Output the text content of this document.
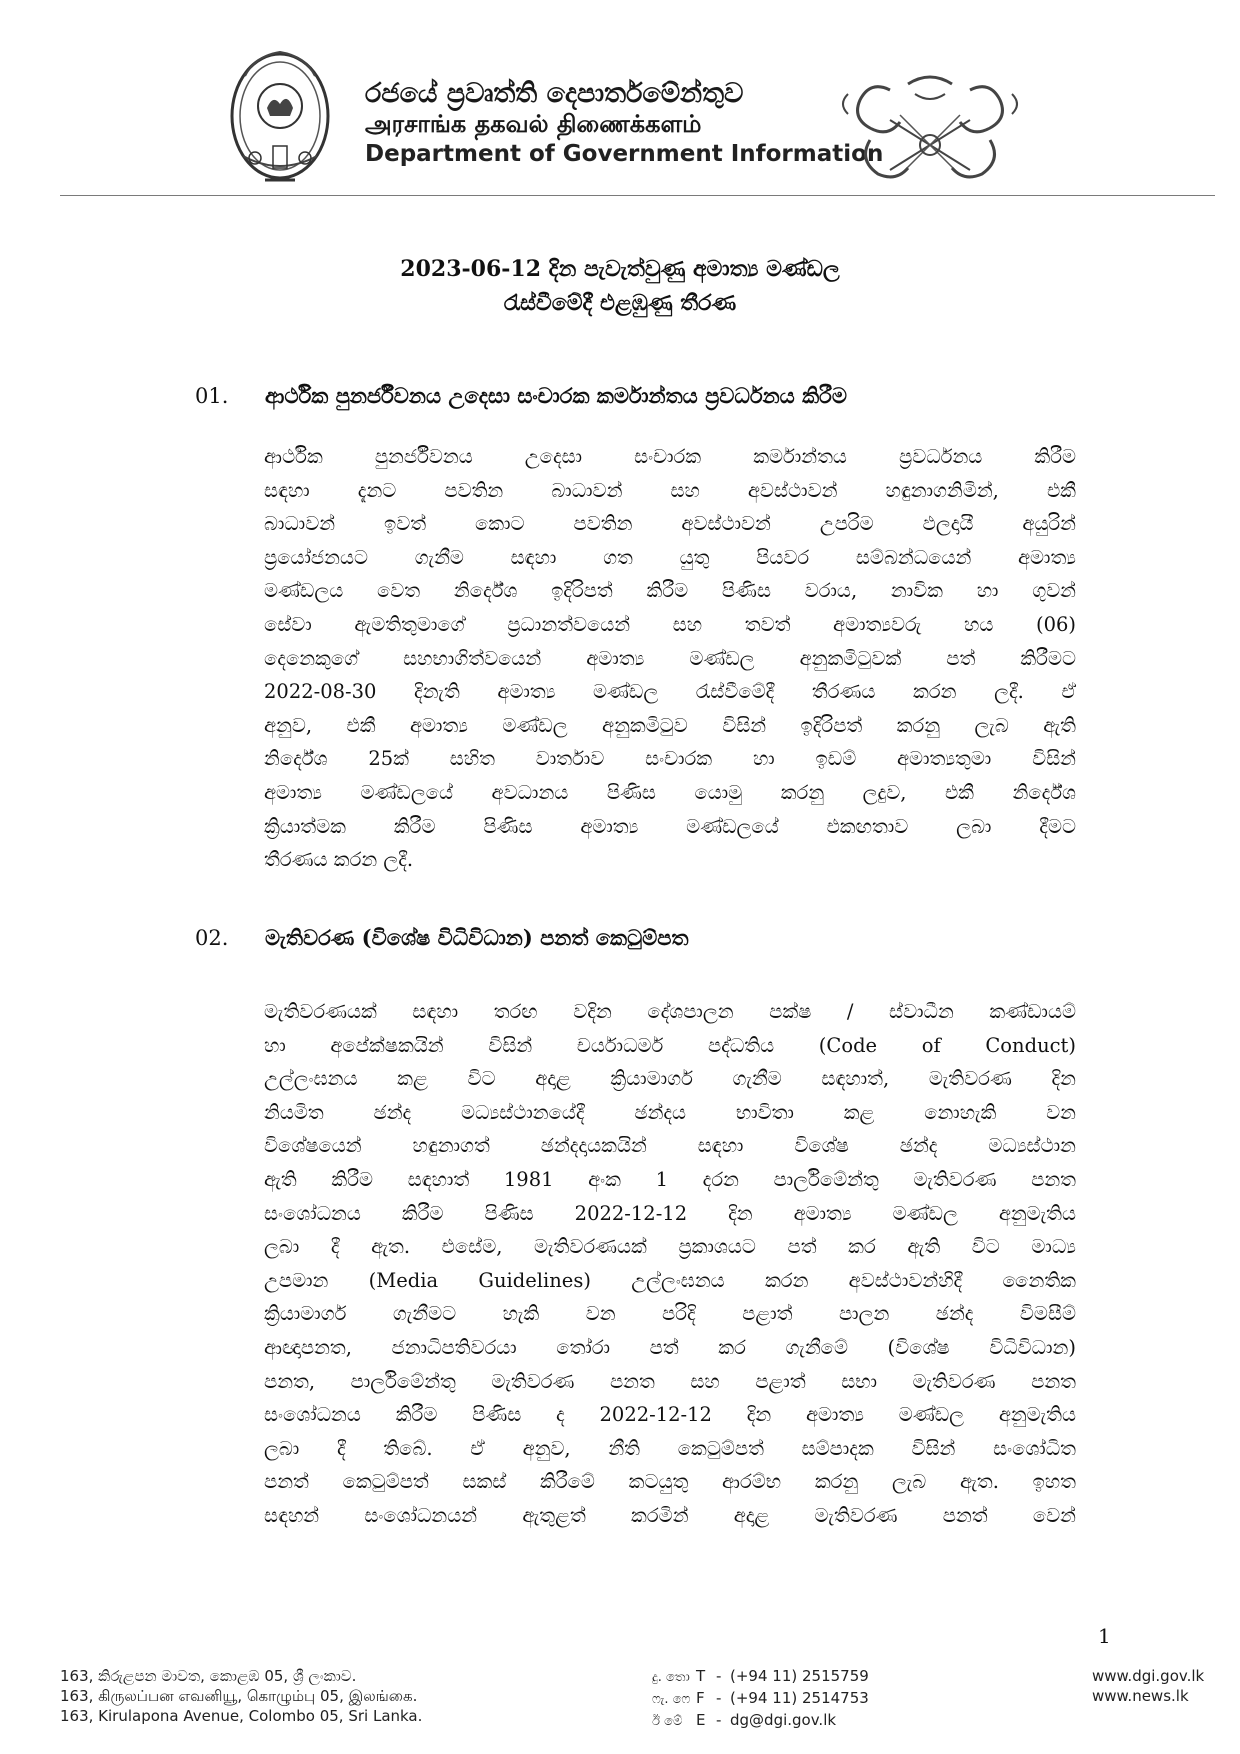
රජයේ ප්‍රවෘත්ති දෙපාර්තමේන්තුව
அரசாங்க தகவல் திணைக்களம்
Department of Government Information
2023-06-12 දින පැවැත්වුණු අමාත්‍ය මණ්ඩල
රැස්වීමේදී එළඹුණු තීරණ
01. ආර්ථික පුනර්ජීවනය උදෙසා සංචාරක කර්මාන්තය ප්‍රවර්ධනය කිරීම
ආර්ථික පුනර්ජීවනය උදෙසා සංචාරක කර්මාන්තය ප්‍රවර්ධනය කිරීම
සඳහා දැනට පවතින බාධාවන් සහ අවස්ථාවන් හඳුනාගනිමින්, එකී
බාධාවන් ඉවත් කොට පවතින අවස්ථාවන් උපරිම ඵලදායී අයුරින්
ප්‍රයෝජනයට ගැනීම සඳහා ගත යුතු පියවර සම්බන්ධයෙන් අමාත්‍ය
මණ්ඩලය වෙත නිර්දේශ ඉදිරිපත් කිරීම පිණිස වරාය, නාවික හා ගුවන්
සේවා ඇමතිතුමාගේ ප්‍රධානත්වයෙන් සහ තවත් අමාත්‍යවරු හය (06)
දෙනෙකුගේ සහභාගිත්වයෙන් අමාත්‍ය මණ්ඩල අනුකමිටුවක් පත් කිරීමට
2022-08-30 දිනැති අමාත්‍ය මණ්ඩල රැස්වීමේදී තීරණය කරන ලදී. ඒ
අනුව, එකී අමාත්‍ය මණ්ඩල අනුකමිටුව විසින් ඉදිරිපත් කරනු ලැබ ඇති
නිර්දේශ 25ක් සහිත වාර්තාව සංචාරක හා ඉඩම් අමාත්‍යතුමා විසින්
අමාත්‍ය මණ්ඩලයේ අවධානය පිණිස යොමු කරනු ලදුව, එකී නිර්දේශ
ක්‍රියාත්මක කිරීම පිණිස අමාත්‍ය මණ්ඩලයේ එකඟතාව ලබා දීමට
තීරණය කරන ලදී.
02. මැතිවරණ (විශේෂ විධිවිධාන) පනත් කෙටුම්පත
මැතිවරණයක් සඳහා තරඟ වදින දේශපාලන පක්ෂ / ස්වාධීන කණ්ඩායම්
හා අපේක්ෂකයින් විසින් චර්යාධර්ම පද්ධතිය (Code of Conduct)
උල්ලංඝනය කළ විට අදාළ ක්‍රියාමාර්ග ගැනීම සඳහාත්, මැතිවරණ දින
නියමිත ඡන්ද මධ්‍යස්ථානයේදී ඡන්දය භාවිතා කළ නොහැකි වන
විශේෂයෙන් හඳුනාගත් ඡන්දදායකයින් සඳහා විශේෂ ඡන්ද මධ්‍යස්ථාන
ඇති කිරීම සඳහාත් 1981 අංක 1 දරන පාර්ලිමේන්තු මැතිවරණ පනත
සංශෝධනය කිරීම පිණිස 2022-12-12 දින අමාත්‍ය මණ්ඩල අනුමැතිය
ලබා දී ඇත. එසේම, මැතිවරණයක් ප්‍රකාශයට පත් කර ඇති විට මාධ්‍ය
උපමාන (Media Guidelines) උල්ලංඝනය කරන අවස්ථාවන්හිදී නෛතික
ක්‍රියාමාර්ග ගැනීමට හැකි වන පරිදි පළාත් පාලන ඡන්ද විමසීම්
ආඥාපනත, ජනාධිපතිවරයා තෝරා පත් කර ගැනීමේ (විශේෂ විධිවිධාන)
පනත, පාර්ලිමේන්තු මැතිවරණ පනත සහ පළාත් සභා මැතිවරණ පනත
සංශෝධනය කිරීම පිණිස ද 2022-12-12 දින අමාත්‍ය මණ්ඩල අනුමැතිය
ලබා දී තිබේ. ඒ අනුව, නීති කෙටුම්පත් සම්පාදක විසින් සංශෝධිත
පනත් කෙටුම්පත් සකස් කිරීමේ කටයුතු ආරම්භ කරනු ලැබ ඇත. ඉහත
සඳහන් සංශෝධනයන් ඇතුළත් කරමින් අදාළ මැතිවරණ පනත් වෙන්
1
163, කිරුළපන මාවත, කොළඹ 05, ශ්‍රී ලංකාව.
163, கிருலப்பன எவனியூ, கொழும்பு 05, இலங்கை.
163, Kirulapona Avenue, Colombo 05, Sri Lanka.
දු. තො T - (+94 11) 2515759
ෆැ. ෆෙ F - (+94 11) 2514753
ඊ මේ E - dg@dgi.gov.lk
www.dgi.gov.lk
www.news.lk
